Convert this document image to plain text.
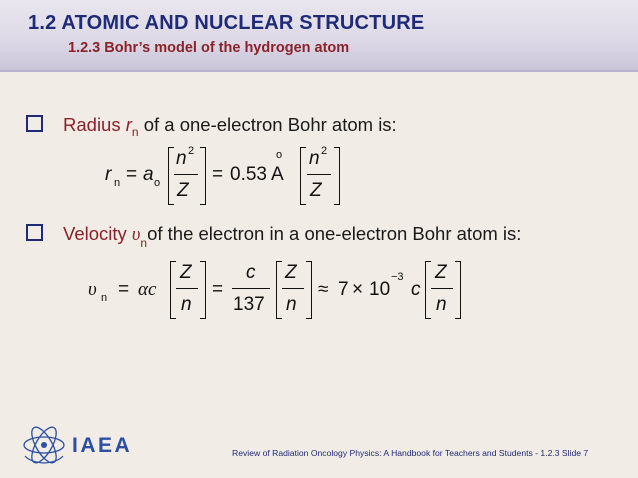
1.2 ATOMIC AND NUCLEAR STRUCTURE
1.2.3 Bohr’s model of the hydrogen atom
Radius $r_n$ of a one-electron Bohr atom is:
r n = a o
n 2
Z
= 0.53 A
o n 2
Z
Velocity $\upsilon_nof$ the electron in a one-electron Bohr atom is:
υ n = αc
Z
n
=
c
137
Z
n
≈ 7 × 10
−3
c
Z
n
IAEA	Review of Radiation Oncology Physics: A Handbook for Teachers and Students - 1.2.3 Slide 7
